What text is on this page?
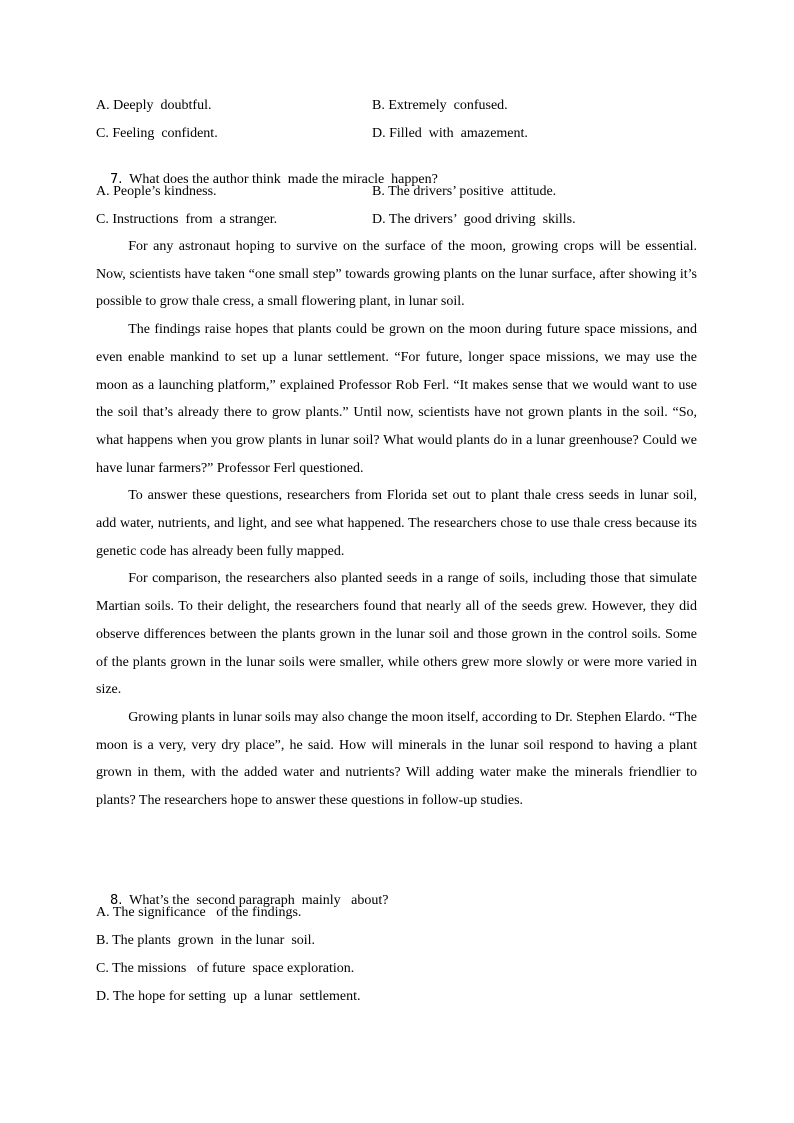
A. Deeply  doubtful.	B. Extremely  confused.
C. Feeling  confident.	D. Filled  with  amazement.

7.  What does the author think  made the miracle  happen?

A. People’s kindness.	B. The drivers’ positive  attitude.
C. Instructions  from  a stranger.	D. The drivers’  good driving  skills.

For any astronaut hoping to survive on the surface of the moon, growing crops will be essential. Now, scientists have taken “one small step” towards growing plants on the lunar surface, after showing it’s possible to grow thale cress, a small flowering plant, in lunar soil.

The findings raise hopes that plants could be grown on the moon during future space missions, and even enable mankind to set up a lunar settlement. “For future, longer space missions, we may use the moon as a launching platform,” explained Professor Rob Ferl. “It makes sense that we would want to use the soil that’s already there to grow plants.” Until now, scientists have not grown plants in the soil. “So, what happens when you grow plants in lunar soil? What would plants do in a lunar greenhouse? Could we have lunar farmers?” Professor Ferl questioned.

To answer these questions, researchers from Florida set out to plant thale cress seeds in lunar soil, add water, nutrients, and light, and see what happened. The researchers chose to use thale cress because its genetic code has already been fully mapped.

For comparison, the researchers also planted seeds in a range of soils, including those that simulate Martian soils. To their delight, the researchers found that nearly all of the seeds grew. However, they did observe differences between the plants grown in the lunar soil and those grown in the control soils. Some of the plants grown in the lunar soils were smaller, while others grew more slowly or were more varied in size.

Growing plants in lunar soils may also change the moon itself, according to Dr. Stephen Elardo. “The moon is a very, very dry place”, he said. How will minerals in the lunar soil respond to having a plant grown in them, with the added water and nutrients? Will adding water make the minerals friendlier to plants? The researchers hope to answer these questions in follow-up studies.

8.  What’s the  second paragraph  mainly   about?

A. The significance   of the findings.
B. The plants  grown  in the lunar  soil.
C. The missions   of future  space exploration.
D. The hope for setting  up  a lunar  settlement.
